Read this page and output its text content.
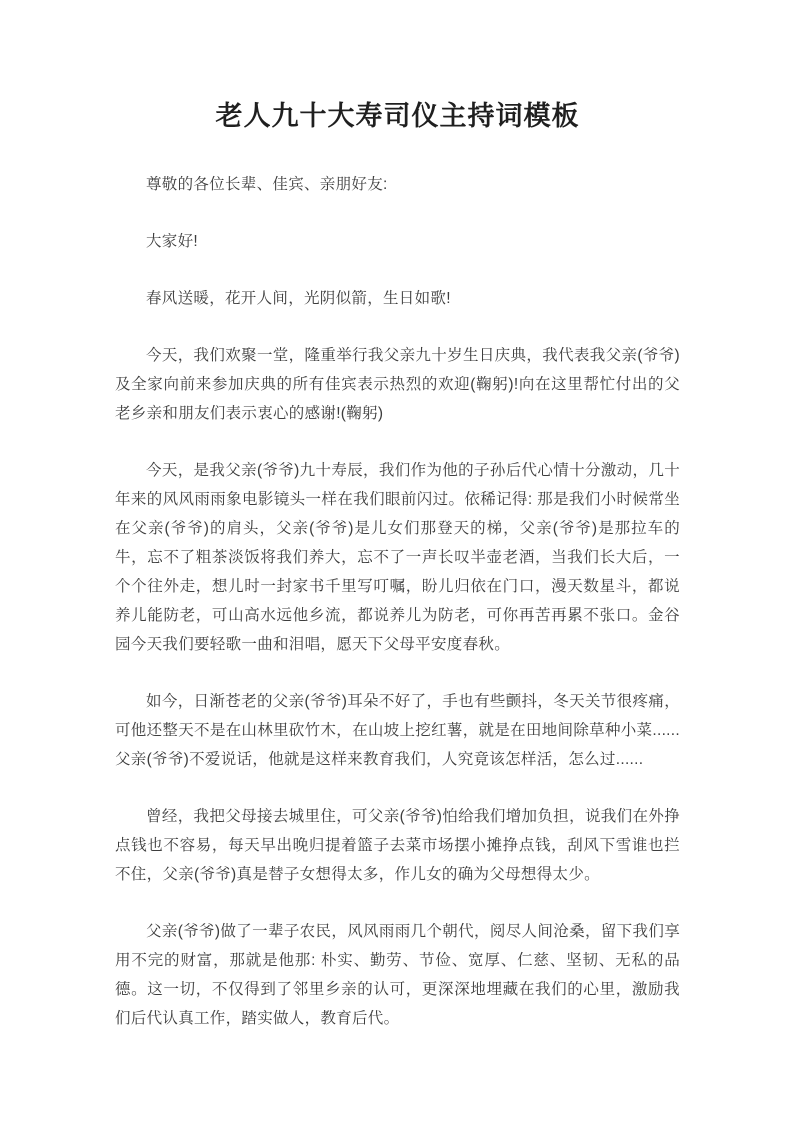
老人九十大寿司仪主持词模板

尊敬的各位长辈、佳宾、亲朋好友:

大家好!

春风送暖，花开人间，光阴似箭，生日如歌!

今天，我们欢聚一堂，隆重举行我父亲九十岁生日庆典，我代表我父亲(爷爷)及全家向前来参加庆典的所有佳宾表示热烈的欢迎(鞠躬)!向在这里帮忙付出的父老乡亲和朋友们表示衷心的感谢!(鞠躬)

今天，是我父亲(爷爷)九十寿辰，我们作为他的子孙后代心情十分激动，几十年来的风风雨雨象电影镜头一样在我们眼前闪过。依稀记得: 那是我们小时候常坐在父亲(爷爷)的肩头，父亲(爷爷)是儿女们那登天的梯，父亲(爷爷)是那拉车的牛，忘不了粗茶淡饭将我们养大，忘不了一声长叹半壶老酒，当我们长大后，一个个往外走，想儿时一封家书千里写叮嘱，盼儿归依在门口，漫天数星斗，都说养儿能防老，可山高水远他乡流，都说养儿为防老，可你再苦再累不张口。金谷园今天我们要轻歌一曲和泪唱，愿天下父母平安度春秋。

如今，日渐苍老的父亲(爷爷)耳朵不好了，手也有些颤抖，冬天关节很疼痛，可他还整天不是在山林里砍竹木，在山坡上挖红薯，就是在田地间除草种小菜......父亲(爷爷)不爱说话，他就是这样来教育我们，人究竟该怎样活，怎么过......

曾经，我把父母接去城里住，可父亲(爷爷)怕给我们增加负担，说我们在外挣点钱也不容易，每天早出晚归提着篮子去菜市场摆小摊挣点钱，刮风下雪谁也拦不住，父亲(爷爷)真是替子女想得太多，作儿女的确为父母想得太少。

父亲(爷爷)做了一辈子农民，风风雨雨几个朝代，阅尽人间沧桑，留下我们享用不完的财富，那就是他那: 朴实、勤劳、节俭、宽厚、仁慈、坚韧、无私的品德。这一切，不仅得到了邻里乡亲的认可，更深深地埋藏在我们的心里，激励我们后代认真工作，踏实做人，教育后代。
